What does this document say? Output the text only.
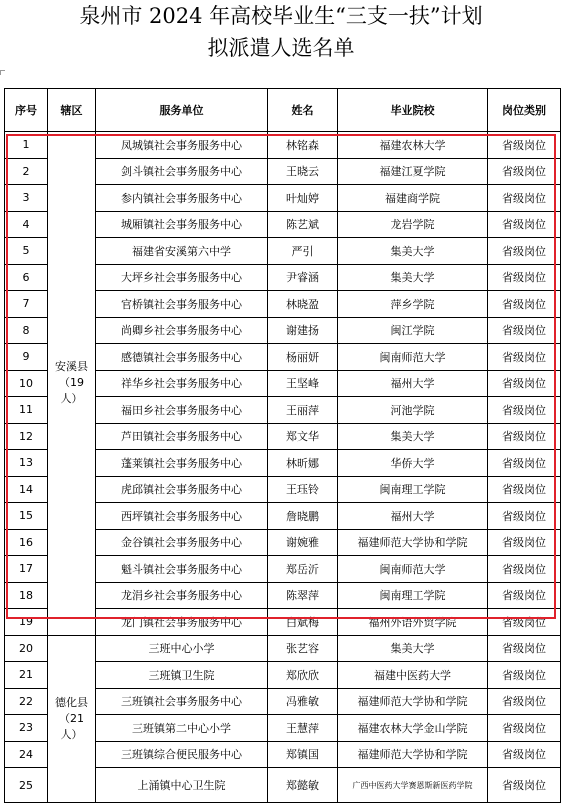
泉州市 2024 年高校毕业生“三支一扶”计划
拟派遣人选名单
序号	辖区	服务单位	姓名	毕业院校	岗位类别
1	安溪县（19人）	凤城镇社会事务服务中心	林铭森	福建农林大学	省级岗位
2		剑斗镇社会事务服务中心	王晓云	福建江夏学院	省级岗位
3		参内镇社会事务服务中心	叶灿婷	福建商学院	省级岗位
4		城厢镇社会事务服务中心	陈艺斌	龙岩学院	省级岗位
5		福建省安溪第六中学	严引	集美大学	省级岗位
6		大坪乡社会事务服务中心	尹睿涵	集美大学	省级岗位
7		官桥镇社会事务服务中心	林晓盈	萍乡学院	省级岗位
8		尚卿乡社会事务服务中心	谢建扬	闽江学院	省级岗位
9		感德镇社会事务服务中心	杨丽妍	闽南师范大学	省级岗位
10		祥华乡社会事务服务中心	王坚峰	福州大学	省级岗位
11		福田乡社会事务服务中心	王丽萍	河池学院	省级岗位
12		芦田镇社会事务服务中心	郑文华	集美大学	省级岗位
13		蓬莱镇社会事务服务中心	林昕娜	华侨大学	省级岗位
14		虎邱镇社会事务服务中心	王珏铃	闽南理工学院	省级岗位
15		西坪镇社会事务服务中心	詹晓鹏	福州大学	省级岗位
16		金谷镇社会事务服务中心	谢婉雅	福建师范大学协和学院	省级岗位
17		魁斗镇社会事务服务中心	郑岳沂	闽南师范大学	省级岗位
18		龙涓乡社会事务服务中心	陈翠萍	闽南理工学院	省级岗位
19		龙门镇社会事务服务中心	白斌梅	福州外语外贸学院	省级岗位
20	德化县（21人）	三班中心小学	张艺容	集美大学	省级岗位
21		三班镇卫生院	郑欣欣	福建中医药大学	省级岗位
22		三班镇社会事务服务中心	冯雅敏	福建师范大学协和学院	省级岗位
23		三班镇第二中心小学	王慧萍	福建农林大学金山学院	省级岗位
24		三班镇综合便民服务中心	郑镇国	福建师范大学协和学院	省级岗位
25		上涌镇中心卫生院	郑懿敏	广西中医药大学赛恩斯新医药学院	省级岗位
